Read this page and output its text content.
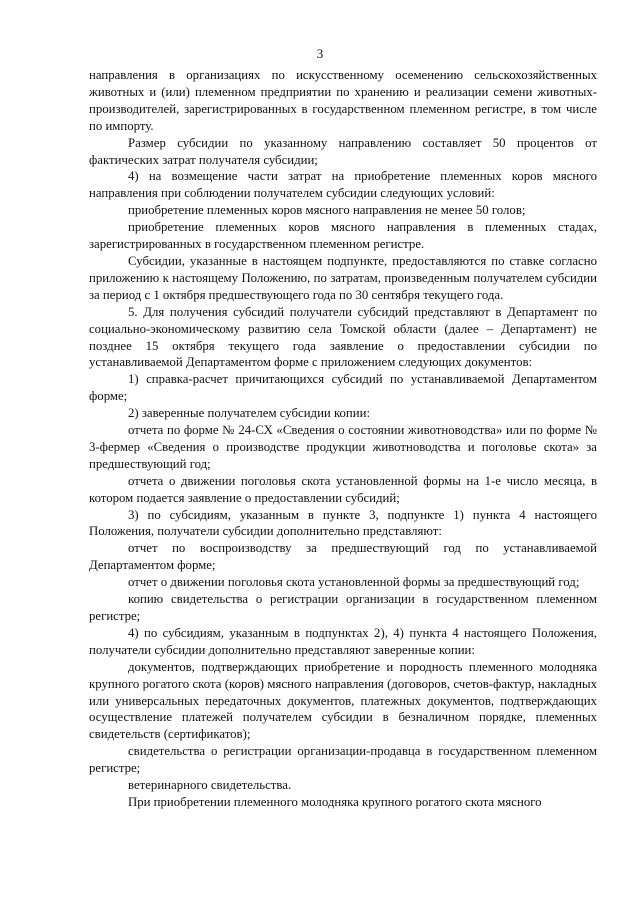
3

направления в организациях по искусственному осеменению сельскохозяйственных животных и (или) племенном предприятии по хранению и реализации семени животных-производителей, зарегистрированных в государственном племенном регистре, в том числе по импорту.

Размер субсидии по указанному направлению составляет 50 процентов от фактических затрат получателя субсидии;

4) на возмещение части затрат на приобретение племенных коров мясного направления при соблюдении получателем субсидии следующих условий:

приобретение племенных коров мясного направления не менее 50 голов;

приобретение племенных коров мясного направления в племенных стадах, зарегистрированных в государственном племенном регистре.

Субсидии, указанные в настоящем подпункте, предоставляются по ставке согласно приложению к настоящему Положению, по затратам, произведенным получателем субсидии за период с 1 октября предшествующего года по 30 сентября текущего года.

5. Для получения субсидий получатели субсидий представляют в Департамент по социально-экономическому развитию села Томской области (далее – Департамент) не позднее 15 октября текущего года заявление о предоставлении субсидии по устанавливаемой Департаментом форме с приложением следующих документов:

1) справка-расчет причитающихся субсидий по устанавливаемой Департаментом форме;

2) заверенные получателем субсидии копии:

отчета по форме № 24-СХ «Сведения о состоянии животноводства» или по форме № 3-фермер «Сведения о производстве продукции животноводства и поголовье скота» за предшествующий год;

отчета о движении поголовья скота установленной формы на 1-е число месяца, в котором подается заявление о предоставлении субсидий;

3) по субсидиям, указанным в пункте 3, подпункте 1) пункта 4 настоящего Положения, получатели субсидии дополнительно представляют:

отчет по воспроизводству за предшествующий год по устанавливаемой Департаментом форме;

отчет о движении поголовья скота установленной формы за предшествующий год;

копию свидетельства о регистрации организации в государственном племенном регистре;

4) по субсидиям, указанным в подпунктах 2), 4) пункта 4 настоящего Положения, получатели субсидии дополнительно представляют заверенные копии:

документов, подтверждающих приобретение и породность племенного молодняка крупного рогатого скота (коров) мясного направления (договоров, счетов-фактур, накладных или универсальных передаточных документов, платежных документов, подтверждающих осуществление платежей получателем субсидии в безналичном порядке, племенных свидетельств (сертификатов);

свидетельства о регистрации организации-продавца в государственном племенном регистре;

ветеринарного свидетельства.

При приобретении племенного молодняка крупного рогатого скота мясного
